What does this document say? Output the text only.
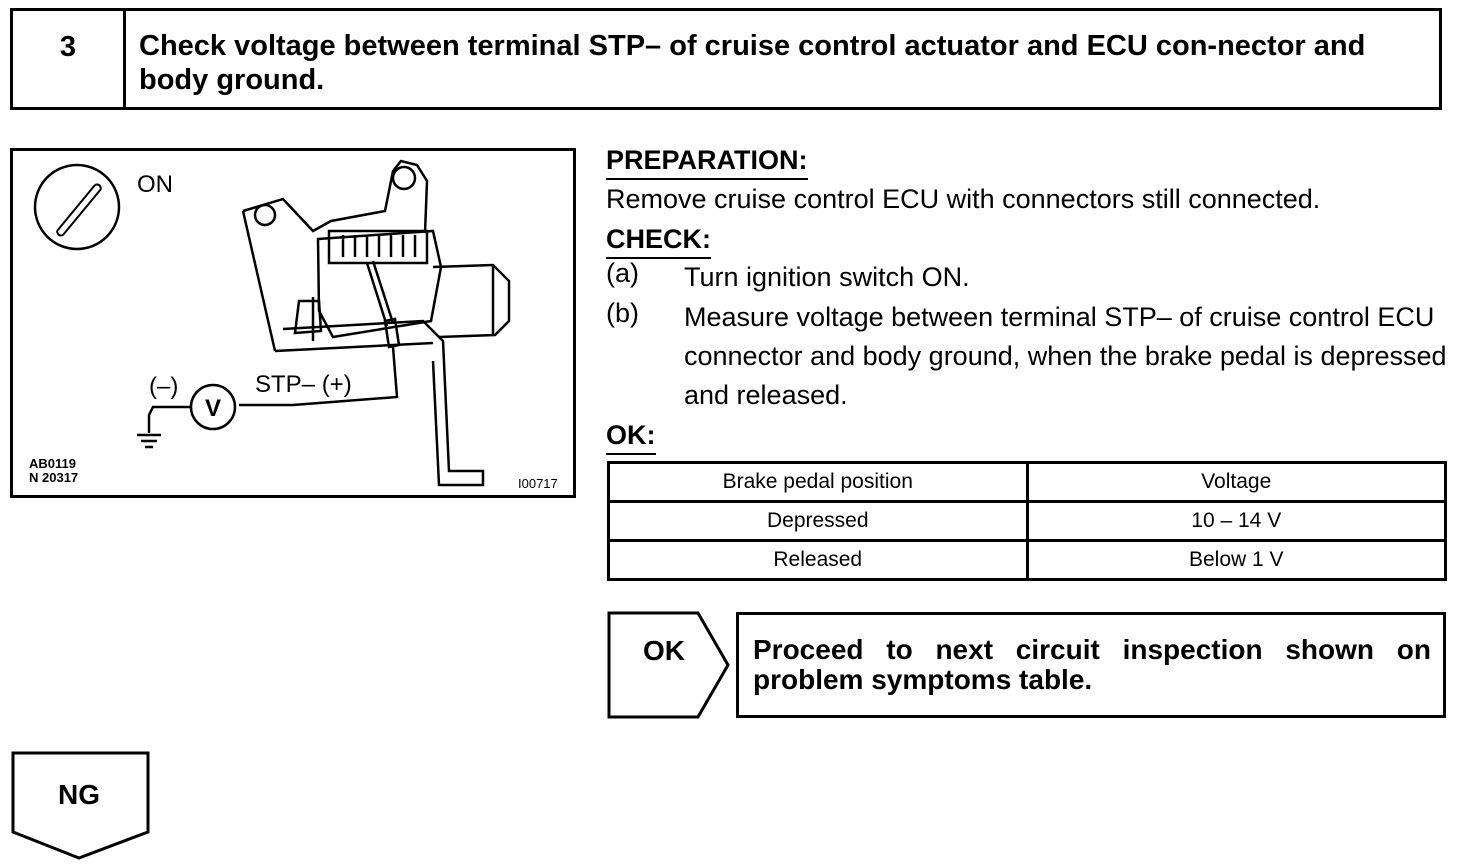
3	Check voltage between terminal STP– of cruise control actuator and ECU con-nector and body ground.
V
ON
(–)	STP– (+)
AB0119
N 20317	I00717
PREPARATION:
Remove cruise control ECU with connectors still connected.
CHECK:
(a) Turn ignition switch ON.
(b) Measure voltage between terminal STP– of cruise control ECU connector and body ground, when the brake pedal is depressed and released.
OK:
Brake pedal position	Voltage
Depressed	10 – 14 V
Released	Below 1 V
OK	Proceed to next circuit inspection shown on problem symptoms table.
NG
